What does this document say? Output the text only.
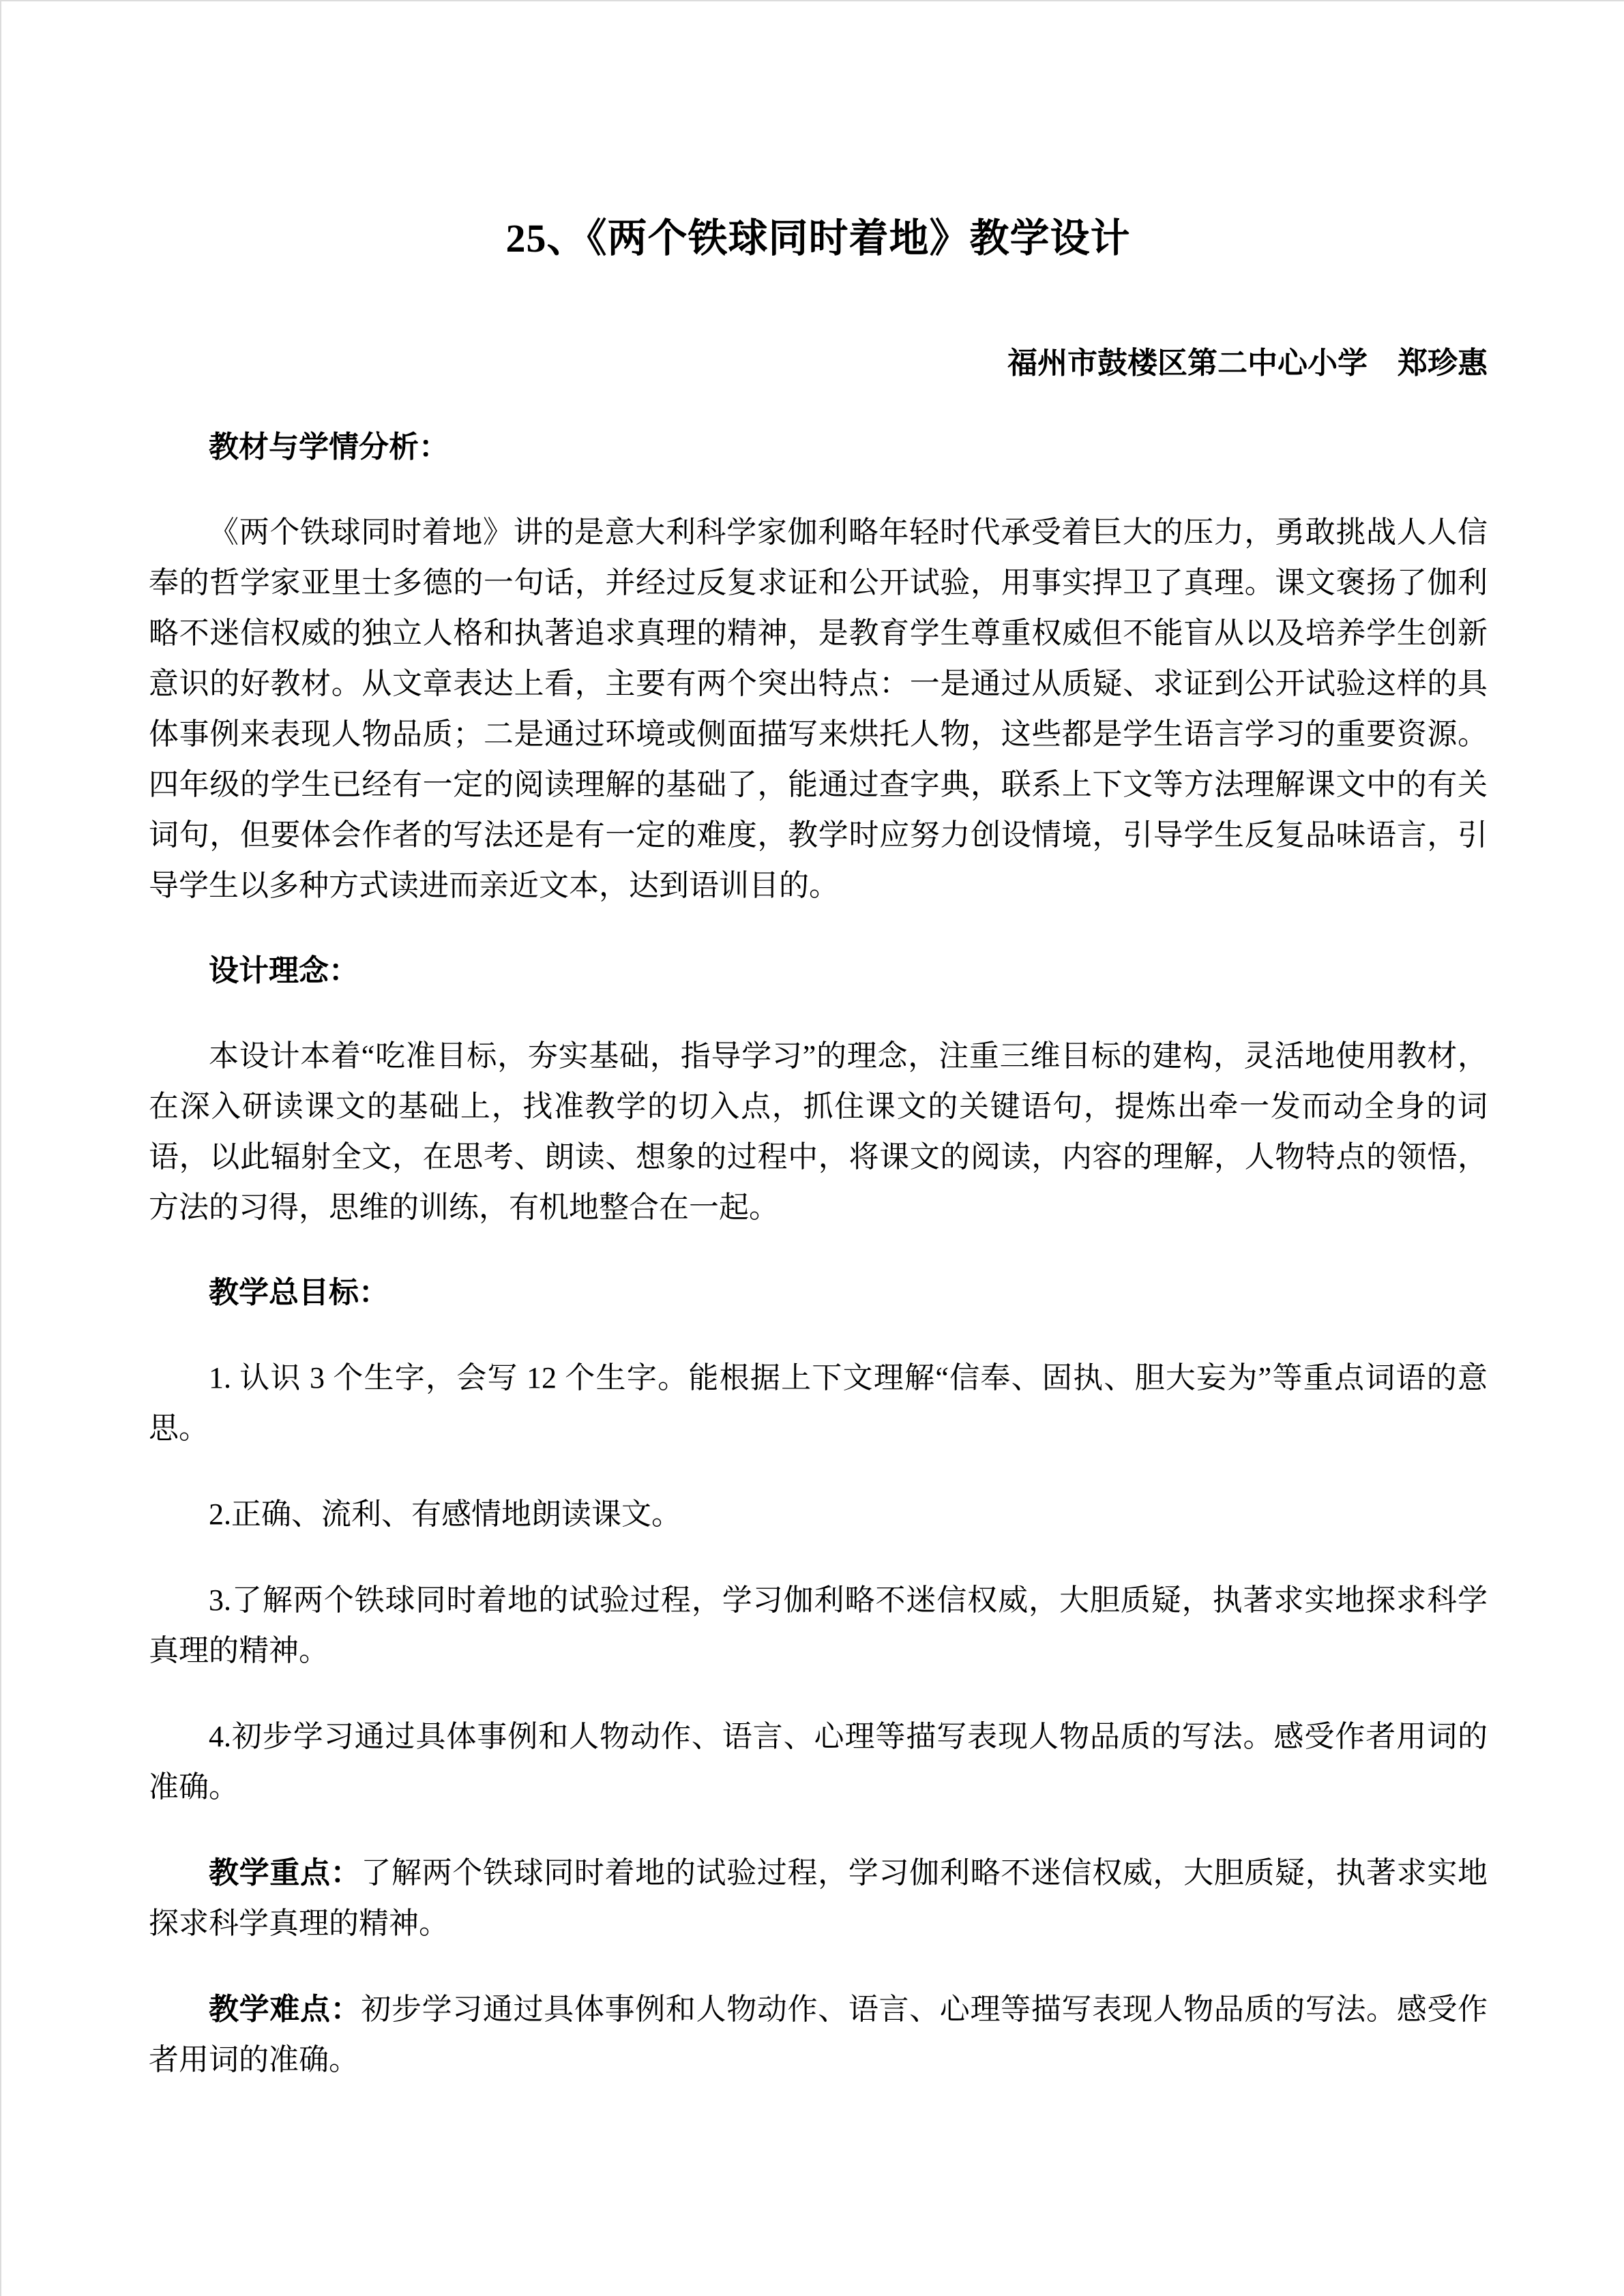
25、《两个铁球同时着地》教学设计

福州市鼓楼区第二中心小学　郑珍惠

教材与学情分析：

《两个铁球同时着地》讲的是意大利科学家伽利略年轻时代承受着巨大的压力，勇敢挑战人人信奉的哲学家亚里士多德的一句话，并经过反复求证和公开试验，用事实捍卫了真理。课文褒扬了伽利略不迷信权威的独立人格和执著追求真理的精神，是教育学生尊重权威但不能盲从以及培养学生创新意识的好教材。从文章表达上看，主要有两个突出特点：一是通过从质疑、求证到公开试验这样的具体事例来表现人物品质；二是通过环境或侧面描写来烘托人物，这些都是学生语言学习的重要资源。四年级的学生已经有一定的阅读理解的基础了，能通过查字典，联系上下文等方法理解课文中的有关词句，但要体会作者的写法还是有一定的难度，教学时应努力创设情境，引导学生反复品味语言，引导学生以多种方式读进而亲近文本，达到语训目的。

设计理念：

本设计本着“吃准目标，夯实基础，指导学习”的理念，注重三维目标的建构，灵活地使用教材，在深入研读课文的基础上，找准教学的切入点，抓住课文的关键语句，提炼出牵一发而动全身的词语，以此辐射全文，在思考、朗读、想象的过程中，将课文的阅读，内容的理解，人物特点的领悟，方法的习得，思维的训练，有机地整合在一起。

教学总目标：

1. 认识 3 个生字，会写 12 个生字。能根据上下文理解“信奉、固执、胆大妄为”等重点词语的意思。

2.正确、流利、有感情地朗读课文。

3.了解两个铁球同时着地的试验过程，学习伽利略不迷信权威，大胆质疑，执著求实地探求科学真理的精神。

4.初步学习通过具体事例和人物动作、语言、心理等描写表现人物品质的写法。感受作者用词的准确。

教学重点：了解两个铁球同时着地的试验过程，学习伽利略不迷信权威，大胆质疑，执著求实地探求科学真理的精神。

教学难点：初步学习通过具体事例和人物动作、语言、心理等描写表现人物品质的写法。感受作者用词的准确。
